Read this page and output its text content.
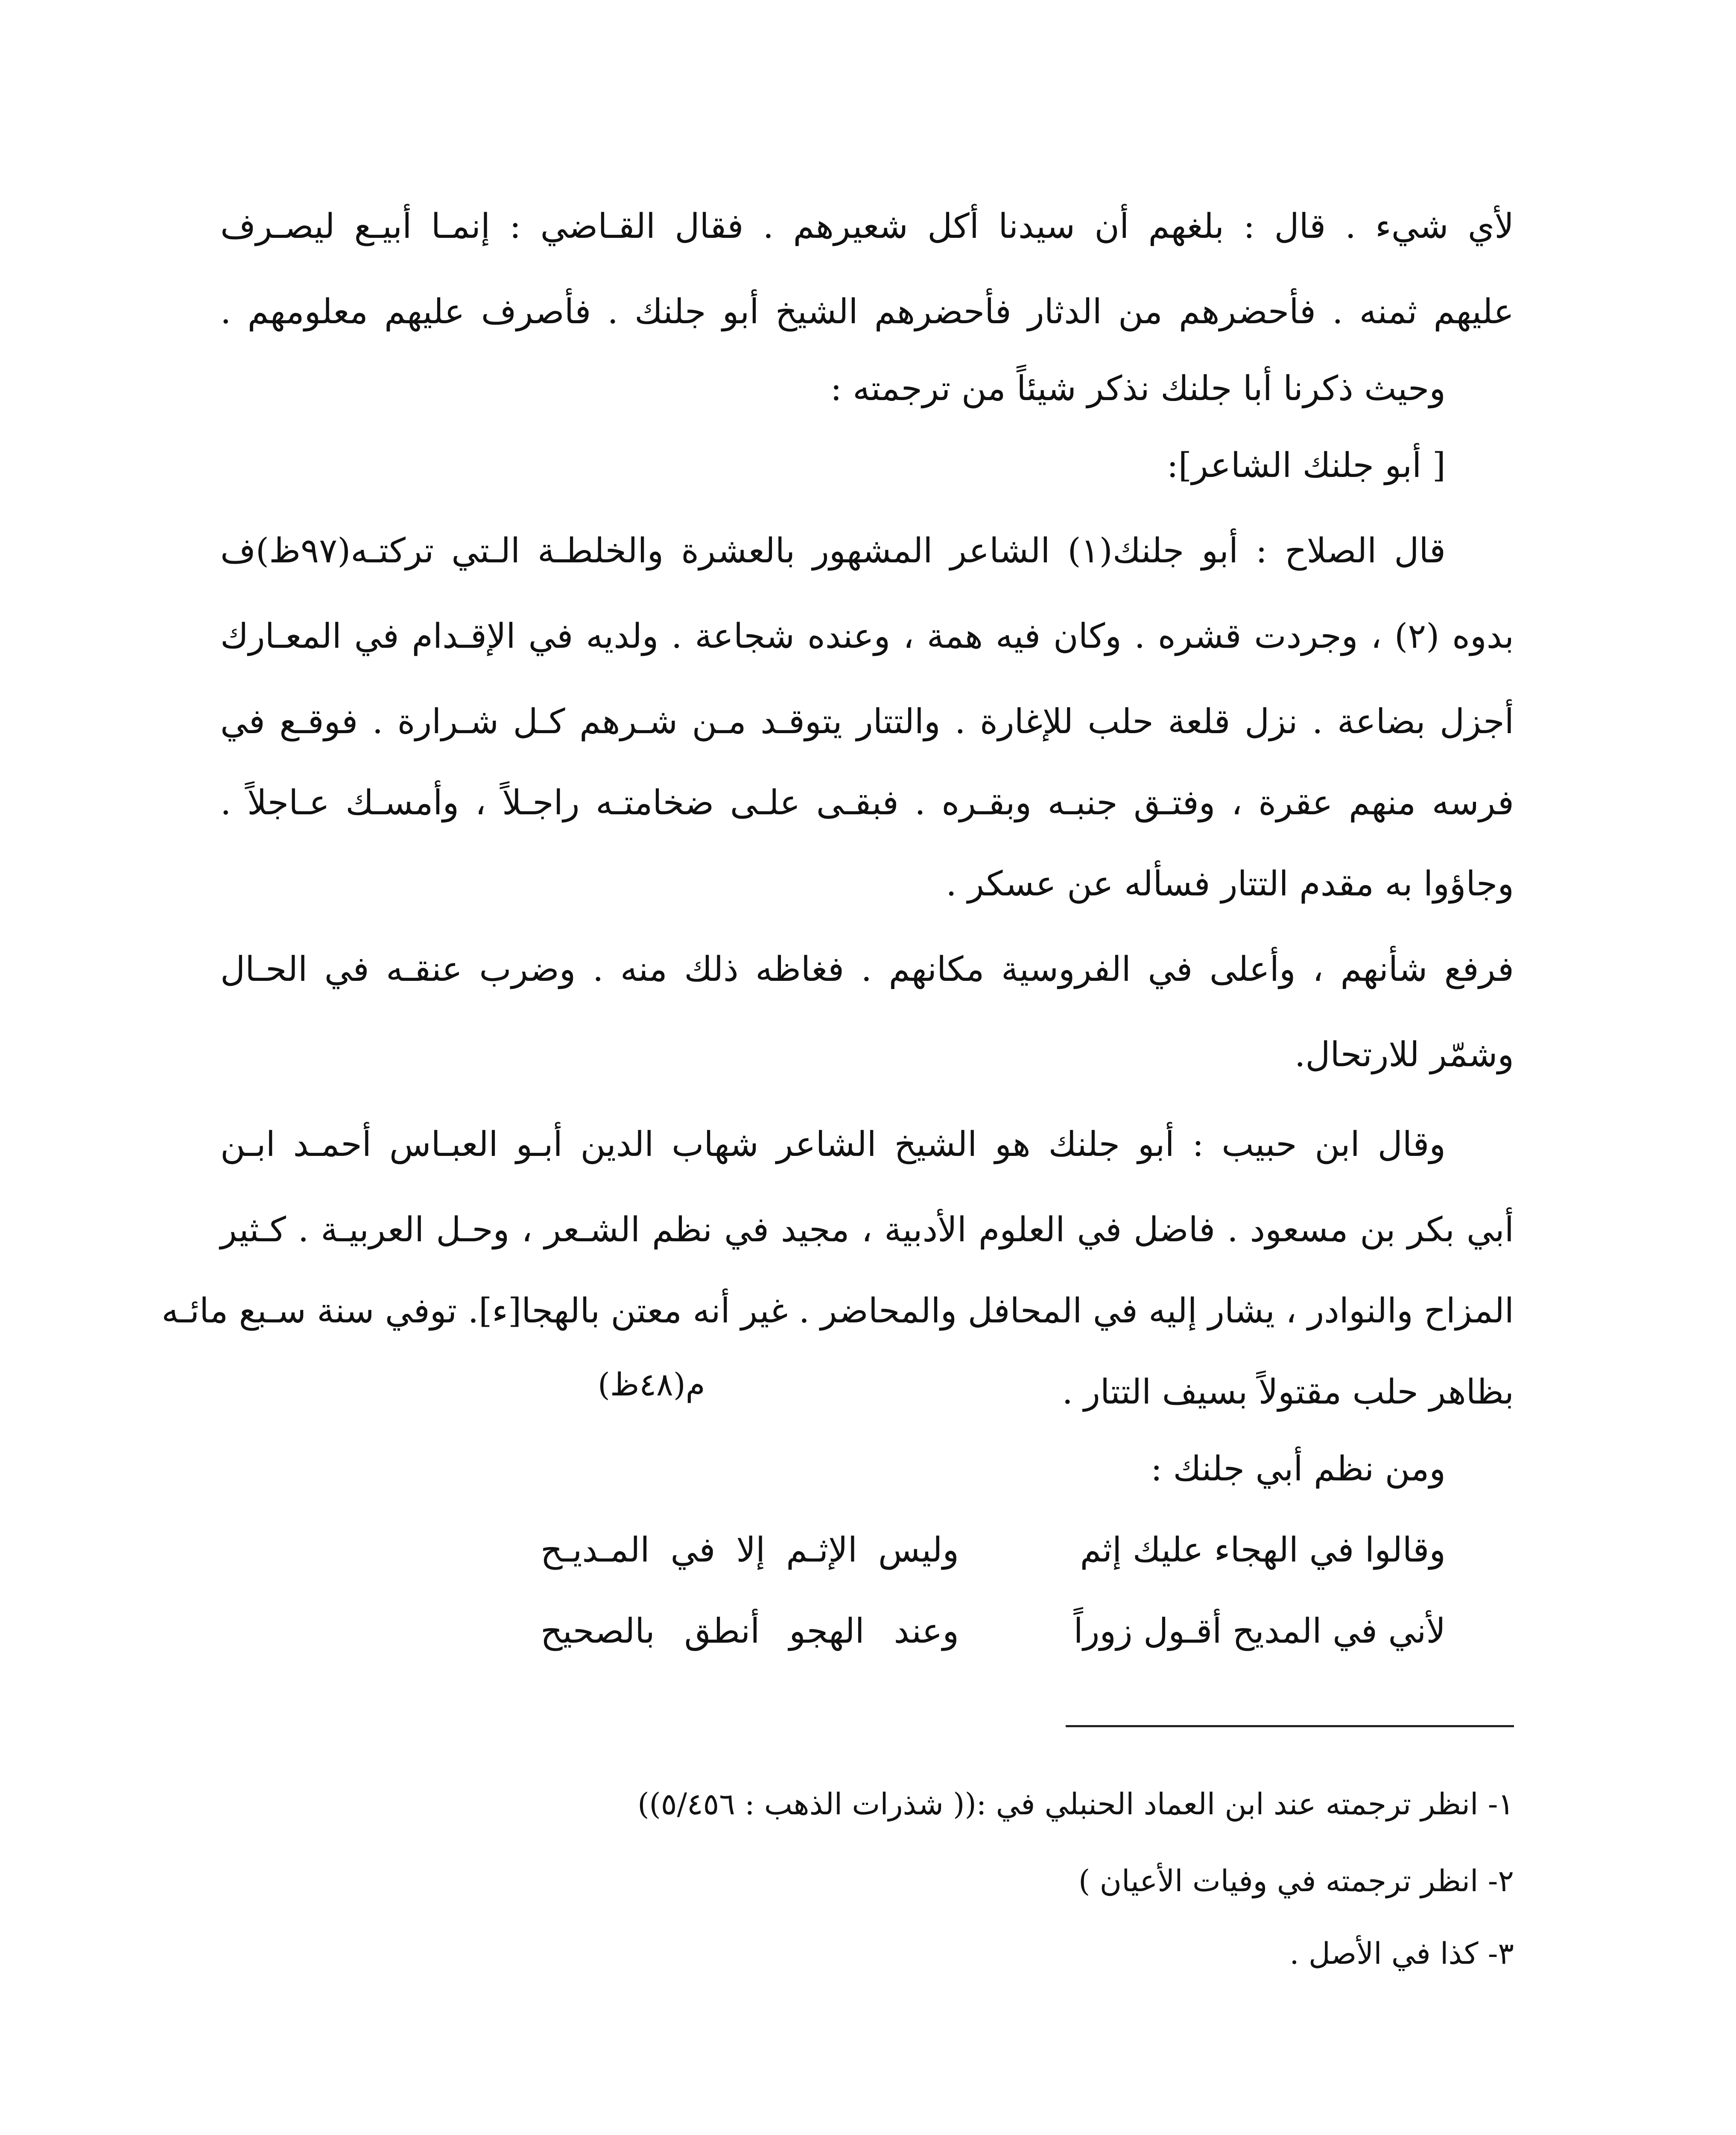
لأي شيء . قال : بلغهم أن سيدنا أكل شعيرهم . فقال القـاضي : إنمـا أبيـع ليصـرف
عليهم ثمنه . فأحضرهم من الدثار فأحضرهم الشيخ أبو جلنك . فأصرف عليهم معلومهم .
وحيث ذكرنا أبا جلنك نذكر شيئاً من ترجمته :
[ أبو جلنك الشاعر]:
قال الصلاح : أبو جلنك(١) الشاعر المشهور بالعشرة والخلطـة الـتي تركتـه(٩٧ظ)ف
بدوه (٢) ، وجردت قشره . وكان فيه همة ، وعنده شجاعة . ولديه في الإقـدام في المعـارك
أجزل بضاعة . نزل قلعة حلب للإغارة . والتتار يتوقـد مـن شـرهم كـل شـرارة . فوقـع في
فرسه منهم عقرة ، وفتـق جنبـه وبقـره . فبقـى علـى ضخامتـه راجـلاً ، وأمسـك عـاجلاً .
وجاؤوا به مقدم التتار فسأله عن عسكر .
فرفع شأنهم ، وأعلى في الفروسية مكانهم . فغاظه ذلك منه . وضرب عنقـه في الحـال
وشمّر للارتحال.
وقال ابن حبيب : أبو جلنك هو الشيخ الشاعر شهاب الدين أبـو العبـاس أحمـد ابـن
أبي بكر بن مسعود . فاضل في العلوم الأدبية ، مجيد في نظم الشـعر ، وحـل العربيـة . كـثير
المزاح والنوادر ، يشار إليه في المحافل والمحاضر . غير أنه معتن بالهجا[ء]. توفي سنة سـبع مائـه
بظاهر حلب مقتولاً بسيف التتار .
(٤٨ظ)م
ومن نظم أبي جلنك :
وقالوا في الهجاء عليك إثم
وليس الإثـم إلا في المـديـح
لأني في المديح أقـول زوراً
وعند الهجو أنطق بالصحيح
١- انظر ترجمته عند ابن العماد الحنبلي في :(( شذرات الذهب : ٥/٤٥٦))
٢- انظر ترجمته في وفيات الأعيان )
٣- كذا في الأصل .
